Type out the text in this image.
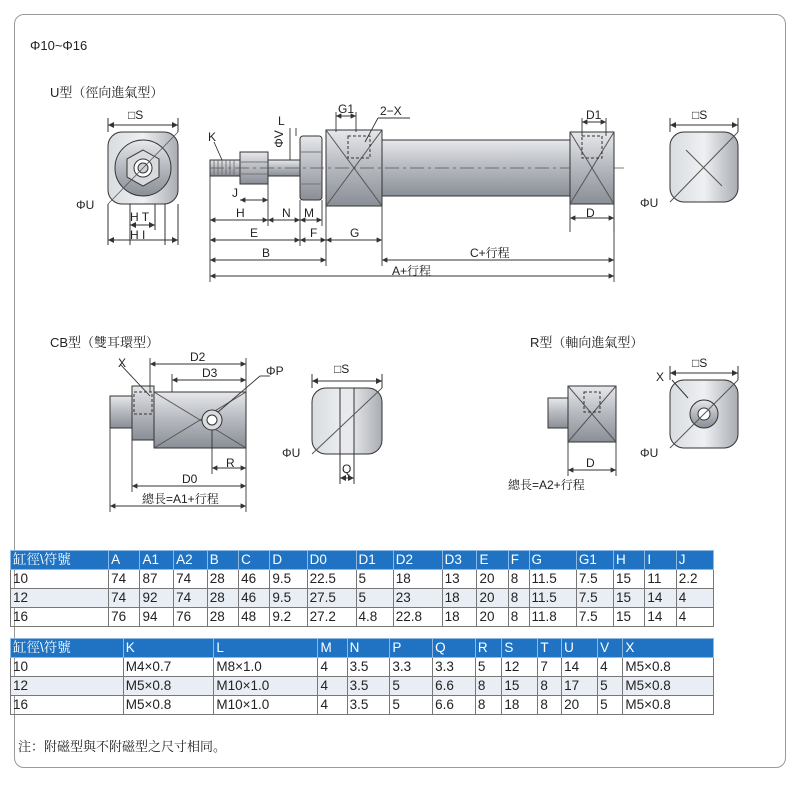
Φ10~Φ16
U型（徑向進氣型）
CB型（雙耳環型）	R型（軸向進氣型）
□S
ΦU
H T
H I
K
L
ΦV
J
H	N M
E	F	G
B	C+行程
A+行程
G1 2−X	D1
D
□S
ΦU
X	D2
D3	ΦP
R
D0
總長=A1+行程
□S
ΦU
Q	D
總長=A2+行程
□S
X
ΦU
缸徑\符號	A	A1	A2	B	C	D	D0	D1	D2	D3	E	F	G	G1	H	I	J
10	74	87	74	28	46	9.5	22.5	5	18	13	20	8	11.5	7.5	15	11	2.2
12	74	92	74	28	46	9.5	27.5	5	23	18	20	8	11.5	7.5	15	14	4
16	76	94	76	28	48	9.2	27.2	4.8	22.8	18	20	8	11.8	7.5	15	14	4
缸徑\符號	K	L	M	N	P	Q	R	S	T	U	V	X
10	M4×0.7	M8×1.0	4	3.5	3.3	3.3	5	12	7	14	4	M5×0.8
12	M5×0.8	M10×1.0	4	3.5	5	6.6	8	15	8	17	5	M5×0.8
16	M5×0.8	M10×1.0	4	3.5	5	6.6	8	18	8	20	5	M5×0.8
注：附磁型與不附磁型之尺寸相同。
